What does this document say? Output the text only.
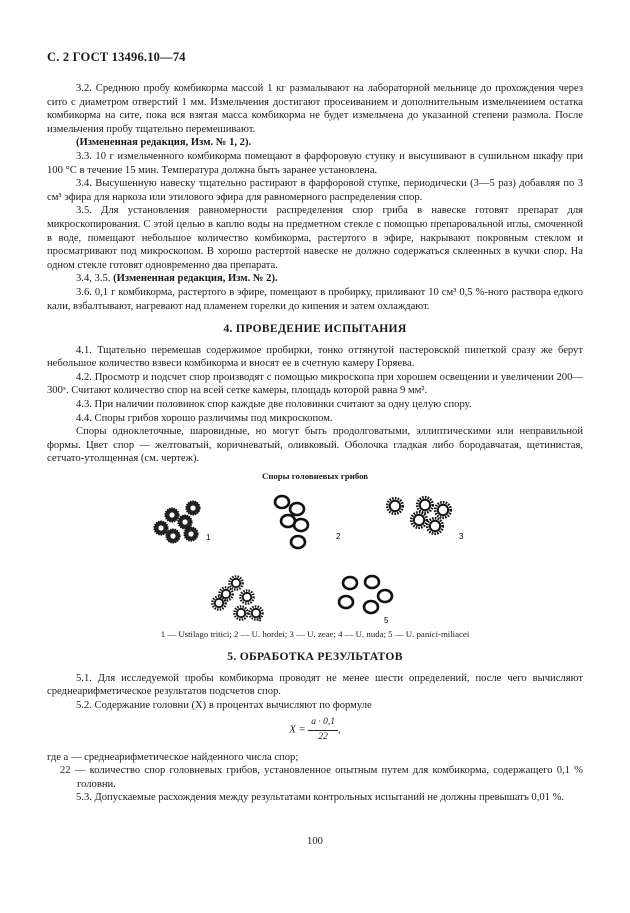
С. 2 ГОСТ 13496.10—74

3.2. Среднюю пробу комбикорма массой 1 кг размалывают на лабораторной мельнице до прохождения через сито с диаметром отверстий 1 мм. Измельчения достигают просеиванием и дополнительным измельчением остатка комбикорма на сите, пока вся взятая масса комбикорма не будет измельчена до указанной степени размола. После измельчения пробу тщательно перемешивают.

(Измененная редакция, Изм. № 1, 2).

3.3. 10 г измельченного комбикорма помещают в фарфоровую ступку и высушивают в сушильном шкафу при 100 °С в течение 15 мин. Температура должна быть заранее установлена.

3.4. Высушенную навеску тщательно растирают в фарфоровой ступке, периодически (3—5 раз) добавляя по 3 см³ эфира для наркоза или этилового эфира для равномерного распределения спор.

3.5. Для установления равномерности распределения спор гриба в навеске готовят препарат для микроскопирования. С этой целью в каплю воды на предметном стекле с помощью препаровальной иглы, смоченной в воде, помещают небольшое количество комбикорма, растертого в эфире, накрывают покровным стеклом и просматривают под микроскопом. В хорошо растертой навеске не должно содержаться склеенных в кучки спор. На одном стекле готовят одновременно два препарата.

3.4, 3.5. (Измененная редакция, Изм. № 2).

3.6. 0,1 г комбикорма, растертого в эфире, помещают в пробирку, приливают 10 см³ 0,5 %-ного раствора едкого кали, взбалтывают, нагревают над пламенем горелки до кипения и затем охлаждают.

4. ПРОВЕДЕНИЕ ИСПЫТАНИЯ

4.1. Тщательно перемешав содержимое пробирки, тонко оттянутой пастеровской пипеткой сразу же берут небольшое количество взвеси комбикорма и вносят ее в счетную камеру Горяева.

4.2. Просмотр и подсчет спор производят с помощью микроскопа при хорошем освещении и увеличении 200—300ˣ. Считают количество спор на всей сетке камеры, площадь которой равна 9 мм².

4.3. При наличии половинок спор каждые две половинки считают за одну целую спору.

4.4. Споры грибов хорошо различимы под микроскопом.

Споры одноклеточные, шаровидные, но могут быть продолговатыми, эллиптическими или неправильной формы. Цвет спор — желтоватый, коричневатый, оливковый. Оболочка гладкая либо бородавчатая, щетинистая, сетчато-утолщенная (см. чертеж).

Споры головневых грибов
1	2	3
4	5
1 — Ustilago tritici; 2 — U. hordei; 3 — U. zeae; 4 — U. nuda; 5 — U. panici-miliacei
5. ОБРАБОТКА РЕЗУЛЬТАТОВ

5.1. Для исследуемой пробы комбикорма проводят не менее шести определений, после чего вычисляют среднеарифметическое результатов подсчетов спор.

5.2. Содержание головни (X) в процентах вычисляют по формуле

$X = \frac{a \cdot 0,1}{22}$ ,

где a — среднеарифметическое найденного числа спор;

22 — количество спор головневых грибов, установленное опытным путем для комбикорма, содержащего 0,1 % головни.

5.3. Допускаемые расхождения между результатами контрольных испытаний не должны превышать 0,01 %.

100
